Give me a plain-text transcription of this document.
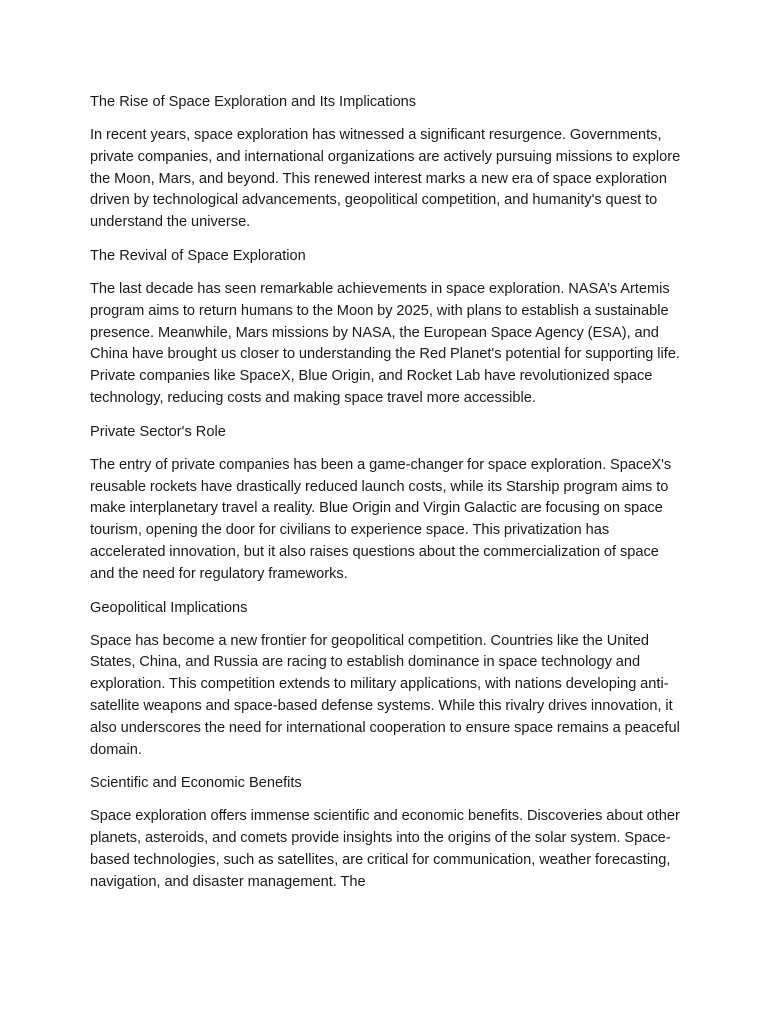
The Rise of Space Exploration and Its Implications

In recent years, space exploration has witnessed a significant resurgence. Governments, private companies, and international organizations are actively pursuing missions to explore the Moon, Mars, and beyond. This renewed interest marks a new era of space exploration driven by technological advancements, geopolitical competition, and humanity's quest to understand the universe.

The Revival of Space Exploration

The last decade has seen remarkable achievements in space exploration. NASA’s Artemis program aims to return humans to the Moon by 2025, with plans to establish a sustainable presence. Meanwhile, Mars missions by NASA, the European Space Agency (ESA), and China have brought us closer to understanding the Red Planet's potential for supporting life. Private companies like SpaceX, Blue Origin, and Rocket Lab have revolutionized space technology, reducing costs and making space travel more accessible.

Private Sector's Role

The entry of private companies has been a game-changer for space exploration. SpaceX's reusable rockets have drastically reduced launch costs, while its Starship program aims to make interplanetary travel a reality. Blue Origin and Virgin Galactic are focusing on space tourism, opening the door for civilians to experience space. This privatization has accelerated innovation, but it also raises questions about the commercialization of space and the need for regulatory frameworks.

Geopolitical Implications

Space has become a new frontier for geopolitical competition. Countries like the United States, China, and Russia are racing to establish dominance in space technology and exploration. This competition extends to military applications, with nations developing anti-satellite weapons and space-based defense systems. While this rivalry drives innovation, it also underscores the need for international cooperation to ensure space remains a peaceful domain.

Scientific and Economic Benefits

Space exploration offers immense scientific and economic benefits. Discoveries about other planets, asteroids, and comets provide insights into the origins of the solar system. Space-based technologies, such as satellites, are critical for communication, weather forecasting, navigation, and disaster management. The
